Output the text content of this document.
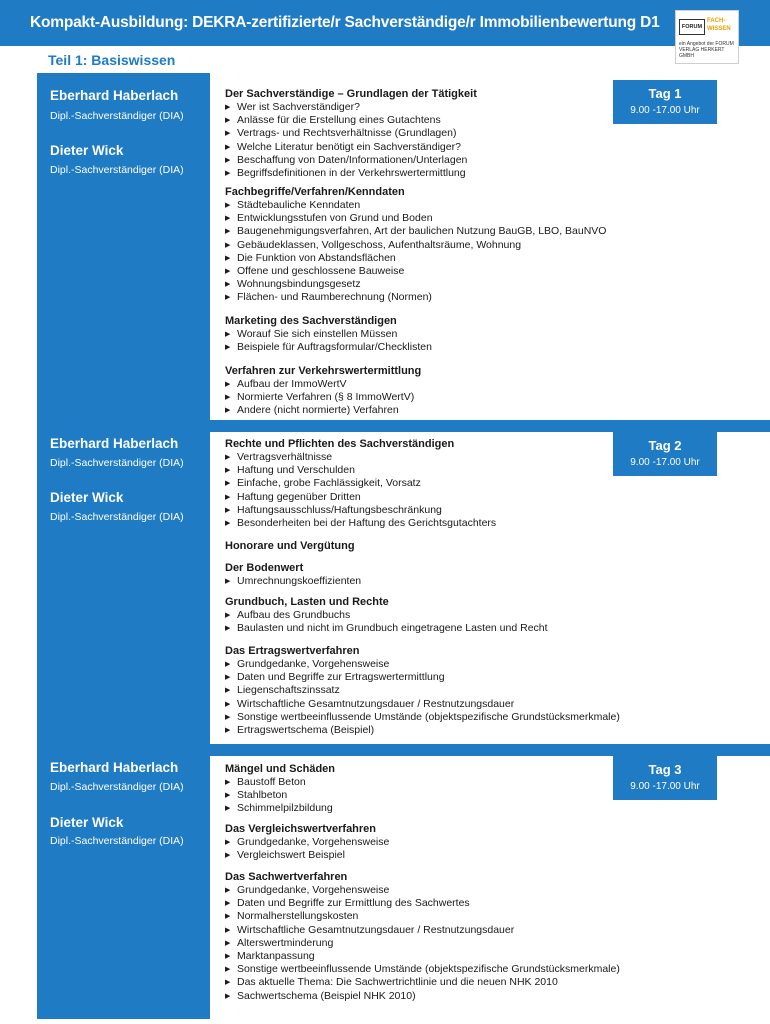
Kompakt-Ausbildung: DEKRA-zertifizierte/r Sachverständige/r Immobilienbewertung D1	FORUM
FACH-WISSEN
ein Angebot der FORUM VERLAG HERKERT GMBH
Teil 1: Basiswissen
Eberhard Haberlach
Dipl.-Sachverständiger (DIA)
Dieter Wick
Dipl.-Sachverständiger (DIA)
Eberhard Haberlach
Dipl.-Sachverständiger (DIA)
Dieter Wick
Dipl.-Sachverständiger (DIA)
Eberhard Haberlach
Dipl.-Sachverständiger (DIA)
Dieter Wick
Dipl.-Sachverständiger (DIA)
Tag 1
9.00 -17.00 Uhr
Tag 2
9.00 -17.00 Uhr
Tag 3
9.00 -17.00 Uhr
Der Sachverständige – Grundlagen der Tätigkeit
▶ Wer ist Sachverständiger?
▶ Anlässe für die Erstellung eines Gutachtens
▶ Vertrags- und Rechtsverhältnisse (Grundlagen)
▶ Welche Literatur benötigt ein Sachverständiger?
▶ Beschaffung von Daten/Informationen/Unterlagen
▶ Begriffsdefinitionen in der Verkehrswertermittlung
Fachbegriffe/Verfahren/Kenndaten
▶ Städtebauliche Kenndaten
▶ Entwicklungsstufen von Grund und Boden
▶ Baugenehmigungsverfahren, Art der baulichen Nutzung BauGB, LBO, BauNVO
▶ Gebäudeklassen, Vollgeschoss, Aufenthaltsräume, Wohnung
▶ Die Funktion von Abstandsflächen
▶ Offene und geschlossene Bauweise
▶ Wohnungsbindungsgesetz
▶ Flächen- und Raumberechnung (Normen)
Marketing des Sachverständigen
▶ Worauf Sie sich einstellen Müssen
▶ Beispiele für Auftragsformular/Checklisten
Verfahren zur Verkehrswertermittlung
▶ Aufbau der ImmoWertV
▶ Normierte Verfahren (§ 8 ImmoWertV)
▶ Andere (nicht normierte) Verfahren
Rechte und Pflichten des Sachverständigen
▶ Vertragsverhältnisse
▶ Haftung und Verschulden
▶ Einfache, grobe Fachlässigkeit, Vorsatz
▶ Haftung gegenüber Dritten
▶ Haftungsausschluss/Haftungsbeschränkung
▶ Besonderheiten bei der Haftung des Gerichtsgutachters
Honorare und Vergütung
Der Bodenwert
▶ Umrechnungskoeffizienten
Grundbuch, Lasten und Rechte
▶ Aufbau des Grundbuchs
▶ Baulasten und nicht im Grundbuch eingetragene Lasten und Recht
Das Ertragswertverfahren
▶ Grundgedanke, Vorgehensweise
▶ Daten und Begriffe zur Ertragswertermittlung
▶ Liegenschaftszinssatz
▶ Wirtschaftliche Gesamtnutzungsdauer / Restnutzungsdauer
▶ Sonstige wertbeeinflussende Umstände (objektspezifische Grundstücksmerkmale)
▶ Ertragswertschema (Beispiel)
Mängel und Schäden
▶ Baustoff Beton
▶ Stahlbeton
▶ Schimmelpilzbildung
Das Vergleichswertverfahren
▶ Grundgedanke, Vorgehensweise
▶ Vergleichswert Beispiel
Das Sachwertverfahren
▶ Grundgedanke, Vorgehensweise
▶ Daten und Begriffe zur Ermittlung des Sachwertes
▶ Normalherstellungskosten
▶ Wirtschaftliche Gesamtnutzungsdauer / Restnutzungsdauer
▶ Alterswertminderung
▶ Marktanpassung
▶ Sonstige wertbeeinflussende Umstände (objektspezifische Grundstücksmerkmale)
▶ Das aktuelle Thema: Die Sachwertrichtlinie und die neuen NHK 2010
▶ Sachwertschema (Beispiel NHK 2010)
